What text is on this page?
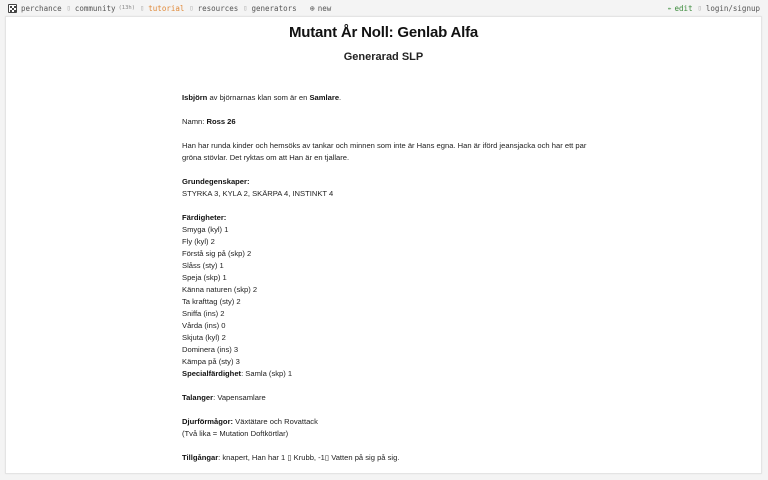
perchance ▯ community (13h) ▯ tutorial ▯ resources ▯ generators ⊕ new	✏ edit ▯ login/signup
Mutant År Noll: Genlab Alfa
Generarad SLP

Isbjörn av björnarnas klan som är en Samlare.

Namn: Ross 26

Han har runda kinder och hemsöks av tankar och minnen som inte är Hans egna. Han är iförd jeansjacka och har ett par gröna stövlar. Det ryktas om att Han är en tjallare.

Grundegenskaper:
STYRKA 3, KYLA 2, SKÄRPA 4, INSTINKT 4

Färdigheter:
Smyga (kyl) 1
Fly (kyl) 2
Förstå sig på (skp) 2
Slåss (sty) 1
Speja (skp) 1
Känna naturen (skp) 2
Ta krafttag (sty) 2
Sniffa (ins) 2
Vårda (ins) 0
Skjuta (kyl) 2
Dominera (ins) 3
Kämpa på (sty) 3
Specialfärdighet: Samla (skp) 1

Talanger: Vapensamlare

Djurförmågor: Växtätare och Rovattack
(Två lika = Mutation Doftkörtlar)

Tillgångar: knapert, Han har 1 ▯ Krubb, -1▯ Vatten på sig på sig.
